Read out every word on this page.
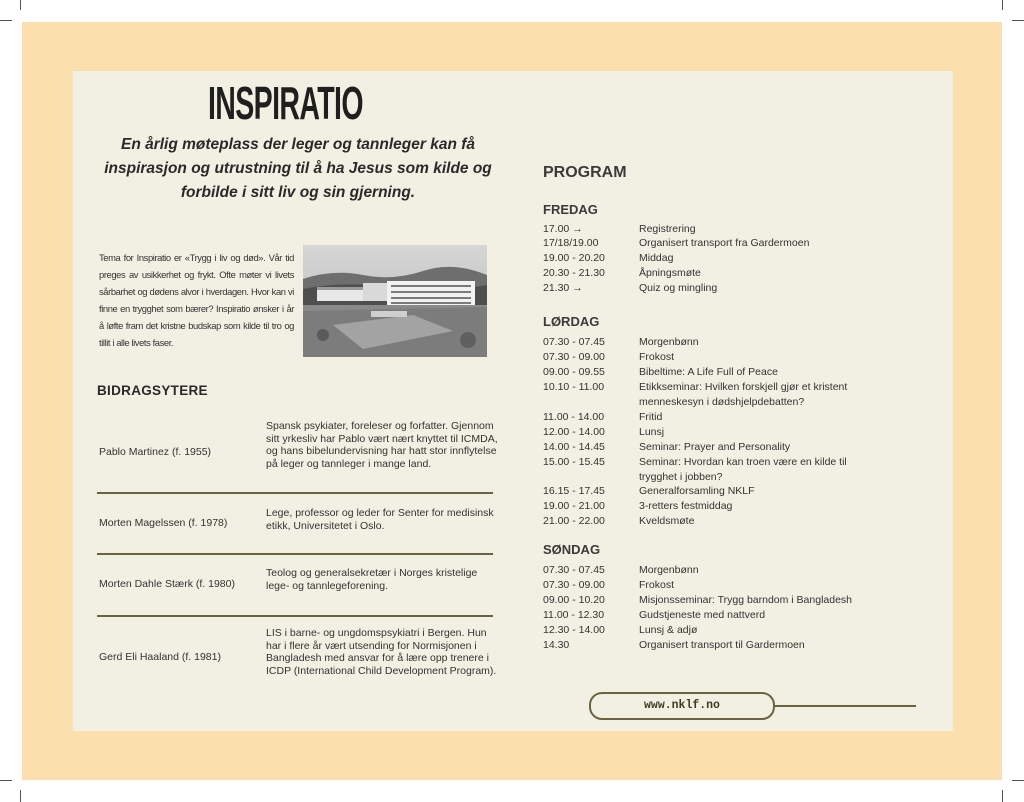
INSPIRATIO
En årlig møteplass der leger og tannleger kan få inspirasjon og utrustning til å ha Jesus som kilde og forbilde i sitt liv og sin gjerning.
Tema for Inspiratio er «Trygg i liv og død». Vår tid preges av usikkerhet og frykt. Ofte møter vi livets sårbarhet og dødens alvor i hverdagen. Hvor kan vi finne en trygghet som bærer? Inspiratio ønsker i år å løfte fram det kristne budskap som kilde til tro og tillit i alle livets faser.
BIDRAGSYTERE
Pablo Martinez (f. 1955)
Spansk psykiater, foreleser og forfatter. Gjennom sitt yrkesliv har Pablo vært nært knyttet til ICMDA, og hans bibelundervisning har hatt stor innflytelse på leger og tannleger i mange land.
Morten Magelssen (f. 1978)
Lege, professor og leder for Senter for medisinsk etikk, Universitetet i Oslo.
Morten Dahle Stærk (f. 1980)
Teolog og generalsekretær i Norges kristelige lege- og tannlegeforening.
Gerd Eli Haaland (f. 1981)
LIS i barne- og ungdomspsykiatri i Bergen. Hun har i flere år vært utsending for Normisjonen i Bangladesh med ansvar for å lære opp trenere i ICDP (International Child Development Program).
PROGRAM
FREDAG
17.00 →	Registrering
17/18/19.00	Organisert transport fra Gardermoen
19.00 - 20.20	Middag
20.30 - 21.30	Åpningsmøte
21.30 →	Quiz og mingling
LØRDAG
07.30 - 07.45	Morgenbønn
07.30 - 09.00	Frokost
09.00 - 09.55	Bibeltime: A Life Full of Peace
10.10 - 11.00	Etikkseminar: Hvilken forskjell gjør et kristent menneskesyn i dødshjelpdebatten?
11.00 - 14.00	Fritid
12.00 - 14.00	Lunsj
14.00 - 14.45	Seminar: Prayer and Personality
15.00 - 15.45	Seminar: Hvordan kan troen være en kilde til trygghet i jobben?
16.15 - 17.45	Generalforsamling NKLF
19.00 - 21.00	3-retters festmiddag
21.00 - 22.00	Kveldsmøte
SØNDAG
07.30 - 07.45	Morgenbønn
07.30 - 09.00	Frokost
09.00 - 10.20	Misjonsseminar: Trygg barndom i Bangladesh
11.00 - 12.30	Gudstjeneste med nattverd
12.30 - 14.00	Lunsj & adjø
14.30	Organisert transport til Gardermoen
www.nklf.no
